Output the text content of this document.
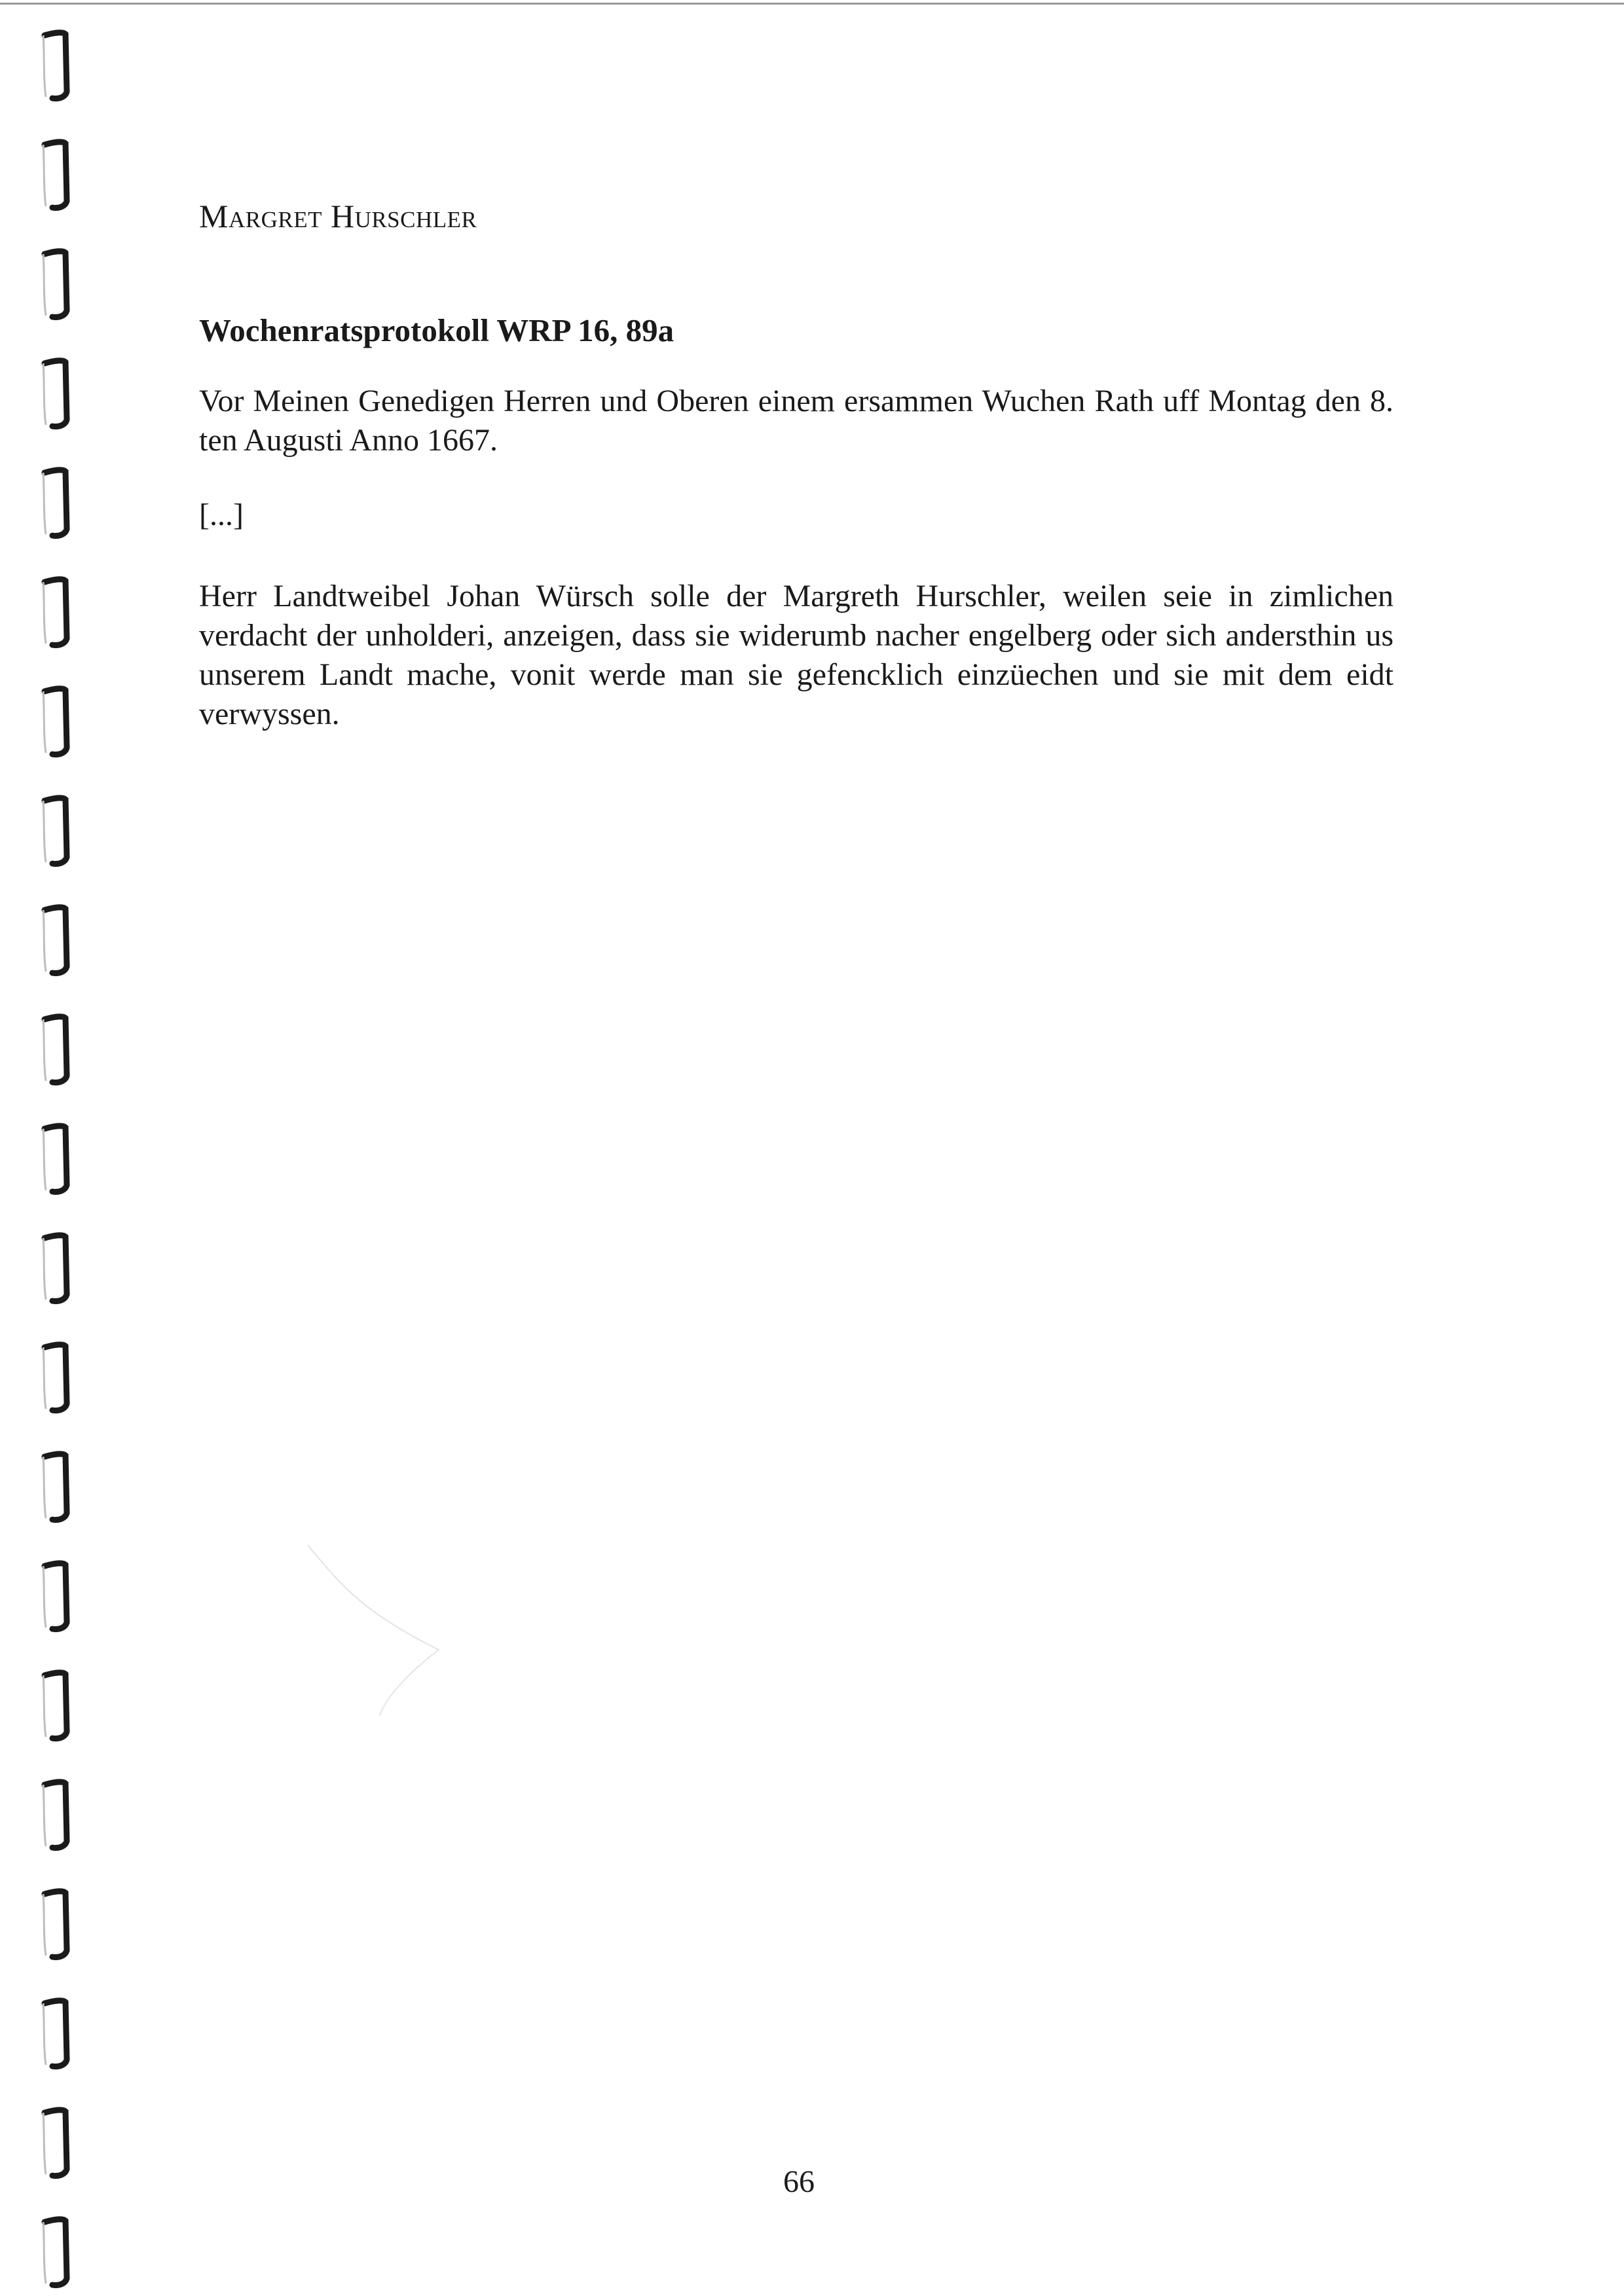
Margret Hurschler

Wochenratsprotokoll WRP 16, 89a

Vor Meinen Genedigen Herren und Oberen einem ersammen Wuchen Rath uff Montag den 8. ten Augusti Anno 1667.

[...]

Herr Landtweibel Johan Würsch solle der Margreth Hurschler, weilen seie in zimlichen verdacht der unholderi, anzeigen, dass sie widerumb nacher engelberg oder sich andersthin us unserem Landt mache, vonit werde man sie gefencklich einzüechen und sie mit dem eidt verwyssen.

66
